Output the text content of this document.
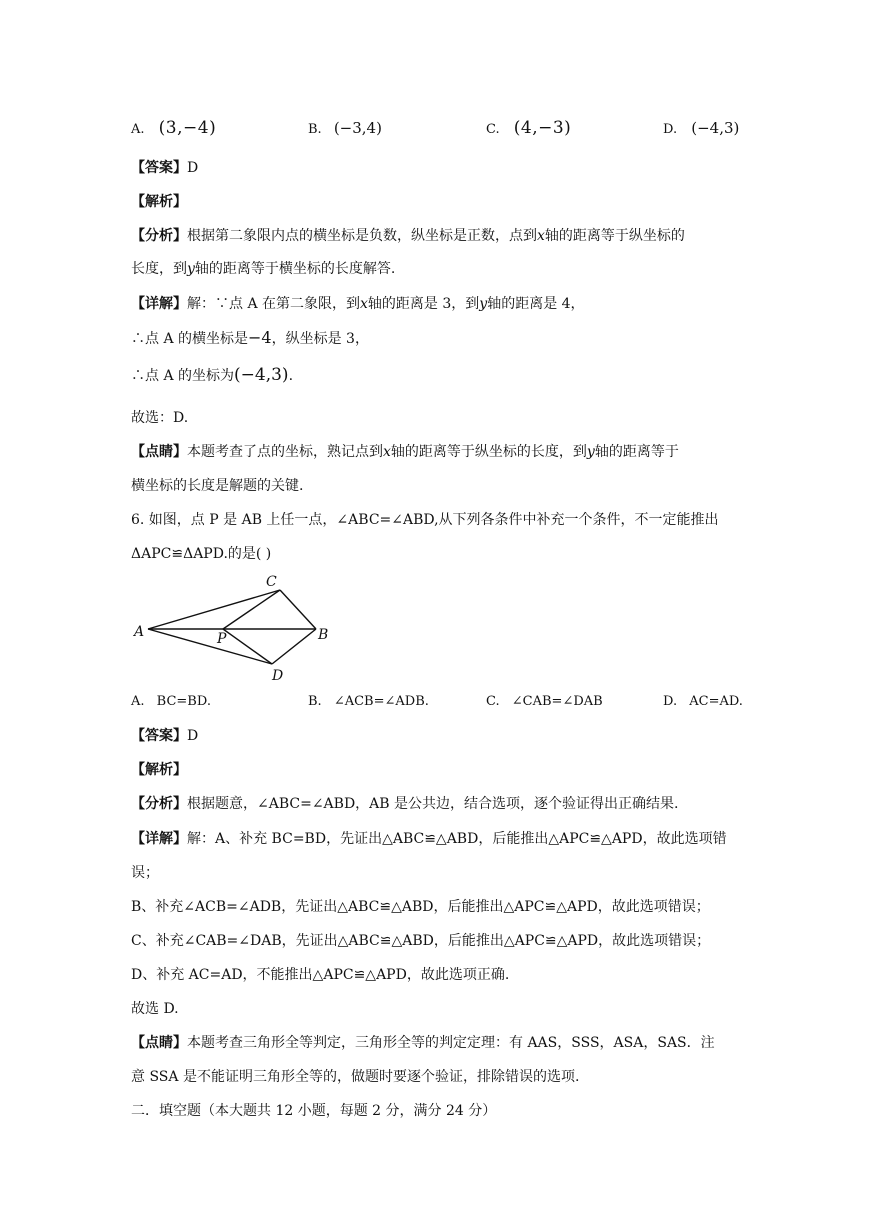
A. (3,−4)	B. (−3,4)	C. (4,−3)	D. (−4,3)
【答案】D
【解析】
【分析】根据第二象限内点的横坐标是负数，纵坐标是正数，点到x轴的距离等于纵坐标的
长度，到y轴的距离等于横坐标的长度解答.
【详解】解：∵点 A 在第二象限，到x轴的距离是 3，到y轴的距离是 4，
∴点 A 的横坐标是−4，纵坐标是 3，
∴点 A 的坐标为(−4,3).
故选：D.
【点睛】本题考查了点的坐标，熟记点到x轴的距离等于纵坐标的长度，到y轴的距离等于
横坐标的长度是解题的关键.
6. 如图，点 P 是 AB 上任一点，∠ABC=∠ABD,从下列各条件中补充一个条件，不一定能推出
ΔAPC≌ΔAPD.的是( )
A
C
B
P
D
A. BC=BD.	B. ∠ACB=∠ADB.	C. ∠CAB=∠DAB	D. AC=AD.
【答案】D
【解析】
【分析】根据题意，∠ABC=∠ABD，AB 是公共边，结合选项，逐个验证得出正确结果.
【详解】解：A、补充 BC=BD，先证出△ABC≌△ABD，后能推出△APC≌△APD，故此选项错
误；
B、补充∠ACB=∠ADB，先证出△ABC≌△ABD，后能推出△APC≌△APD，故此选项错误；
C、补充∠CAB=∠DAB，先证出△ABC≌△ABD，后能推出△APC≌△APD，故此选项错误；
D、补充 AC=AD，不能推出△APC≌△APD，故此选项正确.
故选 D.
【点睛】本题考查三角形全等判定，三角形全等的判定定理：有 AAS，SSS，ASA，SAS．注
意 SSA 是不能证明三角形全等的，做题时要逐个验证，排除错误的选项.
二．填空题（本大题共 12 小题，每题 2 分，满分 24 分）
